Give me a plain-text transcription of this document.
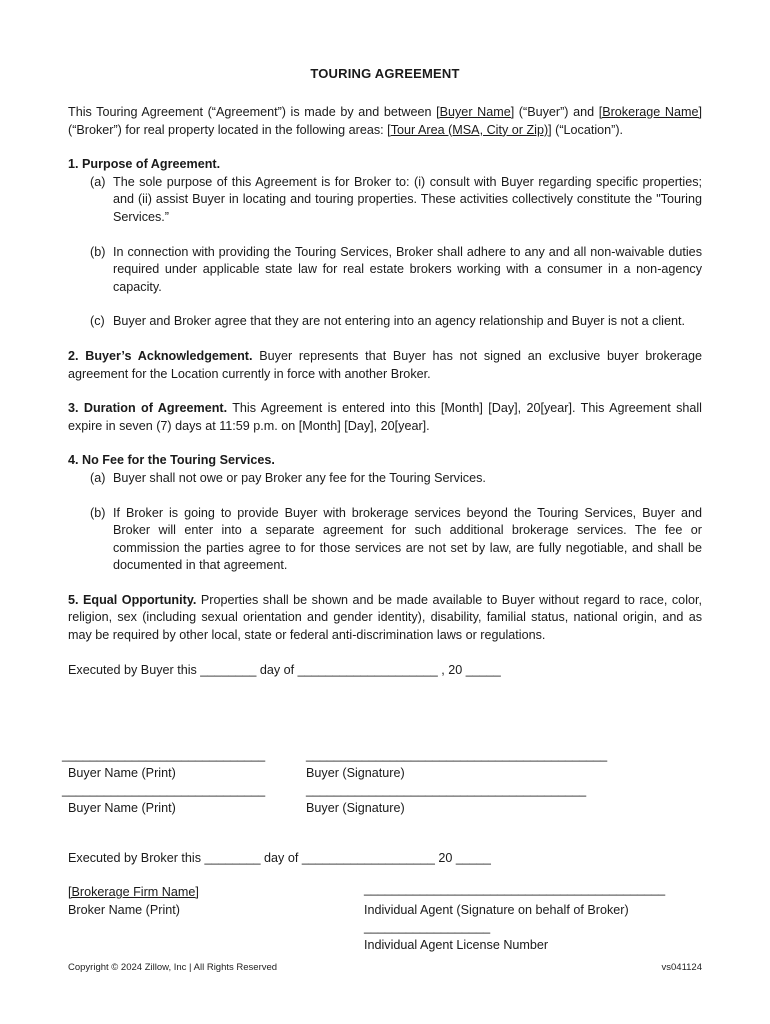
TOURING AGREEMENT

This Touring Agreement (“Agreement”) is made by and between [Buyer Name] (“Buyer”) and [Brokerage Name] (“Broker”) for real property located in the following areas: [Tour Area (MSA, City or Zip)] (“Location”).

1. Purpose of Agreement.

(a) The sole purpose of this Agreement is for Broker to: (i) consult with Buyer regarding specific properties; and (ii) assist Buyer in locating and touring properties. These activities collectively constitute the "Touring Services.”
(b) In connection with providing the Touring Services, Broker shall adhere to any and all non-waivable duties required under applicable state law for real estate brokers working with a consumer in a non-agency capacity.
(c) Buyer and Broker agree that they are not entering into an agency relationship and Buyer is not a client.

2. Buyer’s Acknowledgement. Buyer represents that Buyer has not signed an exclusive buyer brokerage agreement for the Location currently in force with another Broker.

3. Duration of Agreement. This Agreement is entered into this [Month] [Day], 20[year]. This Agreement shall expire in seven (7) days at 11:59 p.m. on [Month] [Day], 20[year].

4. No Fee for the Touring Services.

(a) Buyer shall not owe or pay Broker any fee for the Touring Services.
(b) If Broker is going to provide Buyer with brokerage services beyond the Touring Services, Buyer and Broker will enter into a separate agreement for such additional brokerage services. The fee or commission the parties agree to for those services are not set by law, are fully negotiable, and shall be documented in that agreement.

5. Equal Opportunity. Properties shall be shown and be made available to Buyer without regard to race, color, religion, sex (including sexual orientation and gender identity), disability, familial status, national origin, and as may be required by other local, state or federal anti-discrimination laws or regulations.

Executed by Buyer this ________ day of ____________________ , 20 _____

_____________________________	___________________________________________
Buyer Name (Print)	Buyer (Signature)
_____________________________	________________________________________
Buyer Name (Print)	Buyer (Signature)

Executed by Broker this ________ day of ___________________ 20 _____

[Brokerage Firm Name]	___________________________________________
Broker Name (Print)	Individual Agent (Signature on behalf of Broker)
__________________
Individual Agent License Number
Copyright © 2024 Zillow, Inc | All Rights Reserved	vs041124
